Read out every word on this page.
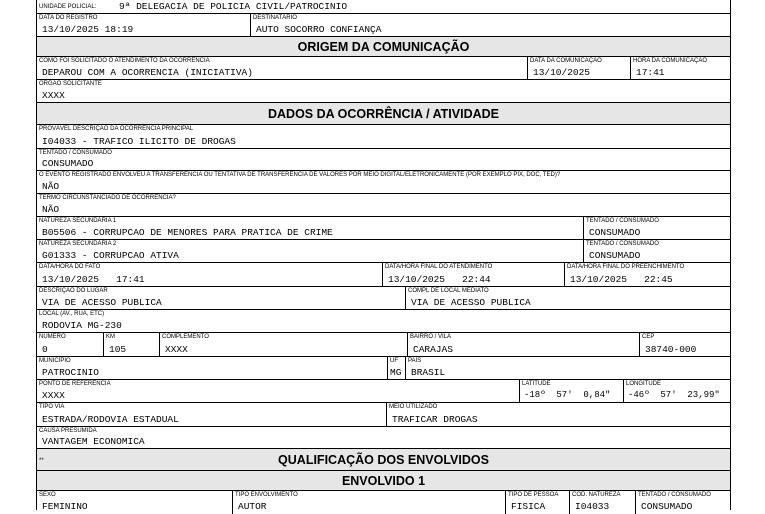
UNIDADE POLICIAL: 9ª DELEGACIA DE POLICIA CIVIL/PATROCINIO
DATA DO REGISTRO
13/10/2025 18:19
DESTINATÁRIO
AUTO SOCORRO CONFIANÇA
ORIGEM DA COMUNICAÇÃO
COMO FOI SOLICITADO O ATENDIMENTO DA OCORRÊNCIA
DEPAROU COM A OCORRENCIA (INICIATIVA)
DATA DA COMUNICAÇÃO
13/10/2025
HORA DA COMUNICAÇÃO
17:41
ÓRGÃO SOLICITANTE
XXXX
DADOS DA OCORRÊNCIA / ATIVIDADE
PROVÁVEL DESCRIÇÃO DA OCORRÊNCIA PRINCIPAL
I04033 - TRAFICO ILICITO DE DROGAS
TENTADO / CONSUMADO
CONSUMADO
O EVENTO REGISTRADO ENVOLVEU A TRANSFERÊNCIA OU TENTATIVA DE TRANSFERÊNCIA DE VALORES POR MEIO DIGITAL/ELETRONICAMENTE (POR EXEMPLO PIX, DOC, TED)?
NÃO
TERMO CIRCUNSTANCIADO DE OCORRÊNCIA?
NÃO
NATUREZA SECUNDÁRIA 1
B05506 - CORRUPCAO DE MENORES PARA PRATICA DE CRIME
TENTADO / CONSUMADO
CONSUMADO
NATUREZA SECUNDÁRIA 2
G01333 - CORRUPCAO ATIVA
TENTADO / CONSUMADO
CONSUMADO
DATA/HORA DO FATO
13/10/2025   17:41
DATA/HORA FINAL DO ATENDIMENTO
13/10/2025   22:44
DATA/HORA FINAL DO PREENCHIMENTO
13/10/2025   22:45
DESCRIÇÃO DO LUGAR
VIA DE ACESSO PUBLICA
COMPL DE LOCAL MEDIATO
VIA DE ACESSO PUBLICA
LOCAL (AV., RUA, ETC)
RODOVIA MG-230
NÚMERO
0
KM
105
COMPLEMENTO
XXXX
BAIRRO / VILA
CARAJAS
CEP
38740-000
MUNICÍPIO
PATROCINIO
UF
MG
PAÍS
BRASIL
PONTO DE REFERÊNCIA
XXXX
LATITUDE
-18º  57'  0,84"
LONGITUDE
-46º  57'  23,99"
TIPO VIA
ESTRADA/RODOVIA ESTADUAL
MEIO UTILIZADO
TRAFICAR DROGAS
CAUSA PRESUMIDA
VANTAGEM ECONOMICA
**	QUALIFICAÇÃO DOS ENVOLVIDOS
ENVOLVIDO 1
SEXO
FEMININO
TIPO ENVOLVIMENTO
AUTOR
TIPO DE PESSOA
FISICA
CÓD. NATUREZA
I04033
TENTADO / CONSUMADO
CONSUMADO
